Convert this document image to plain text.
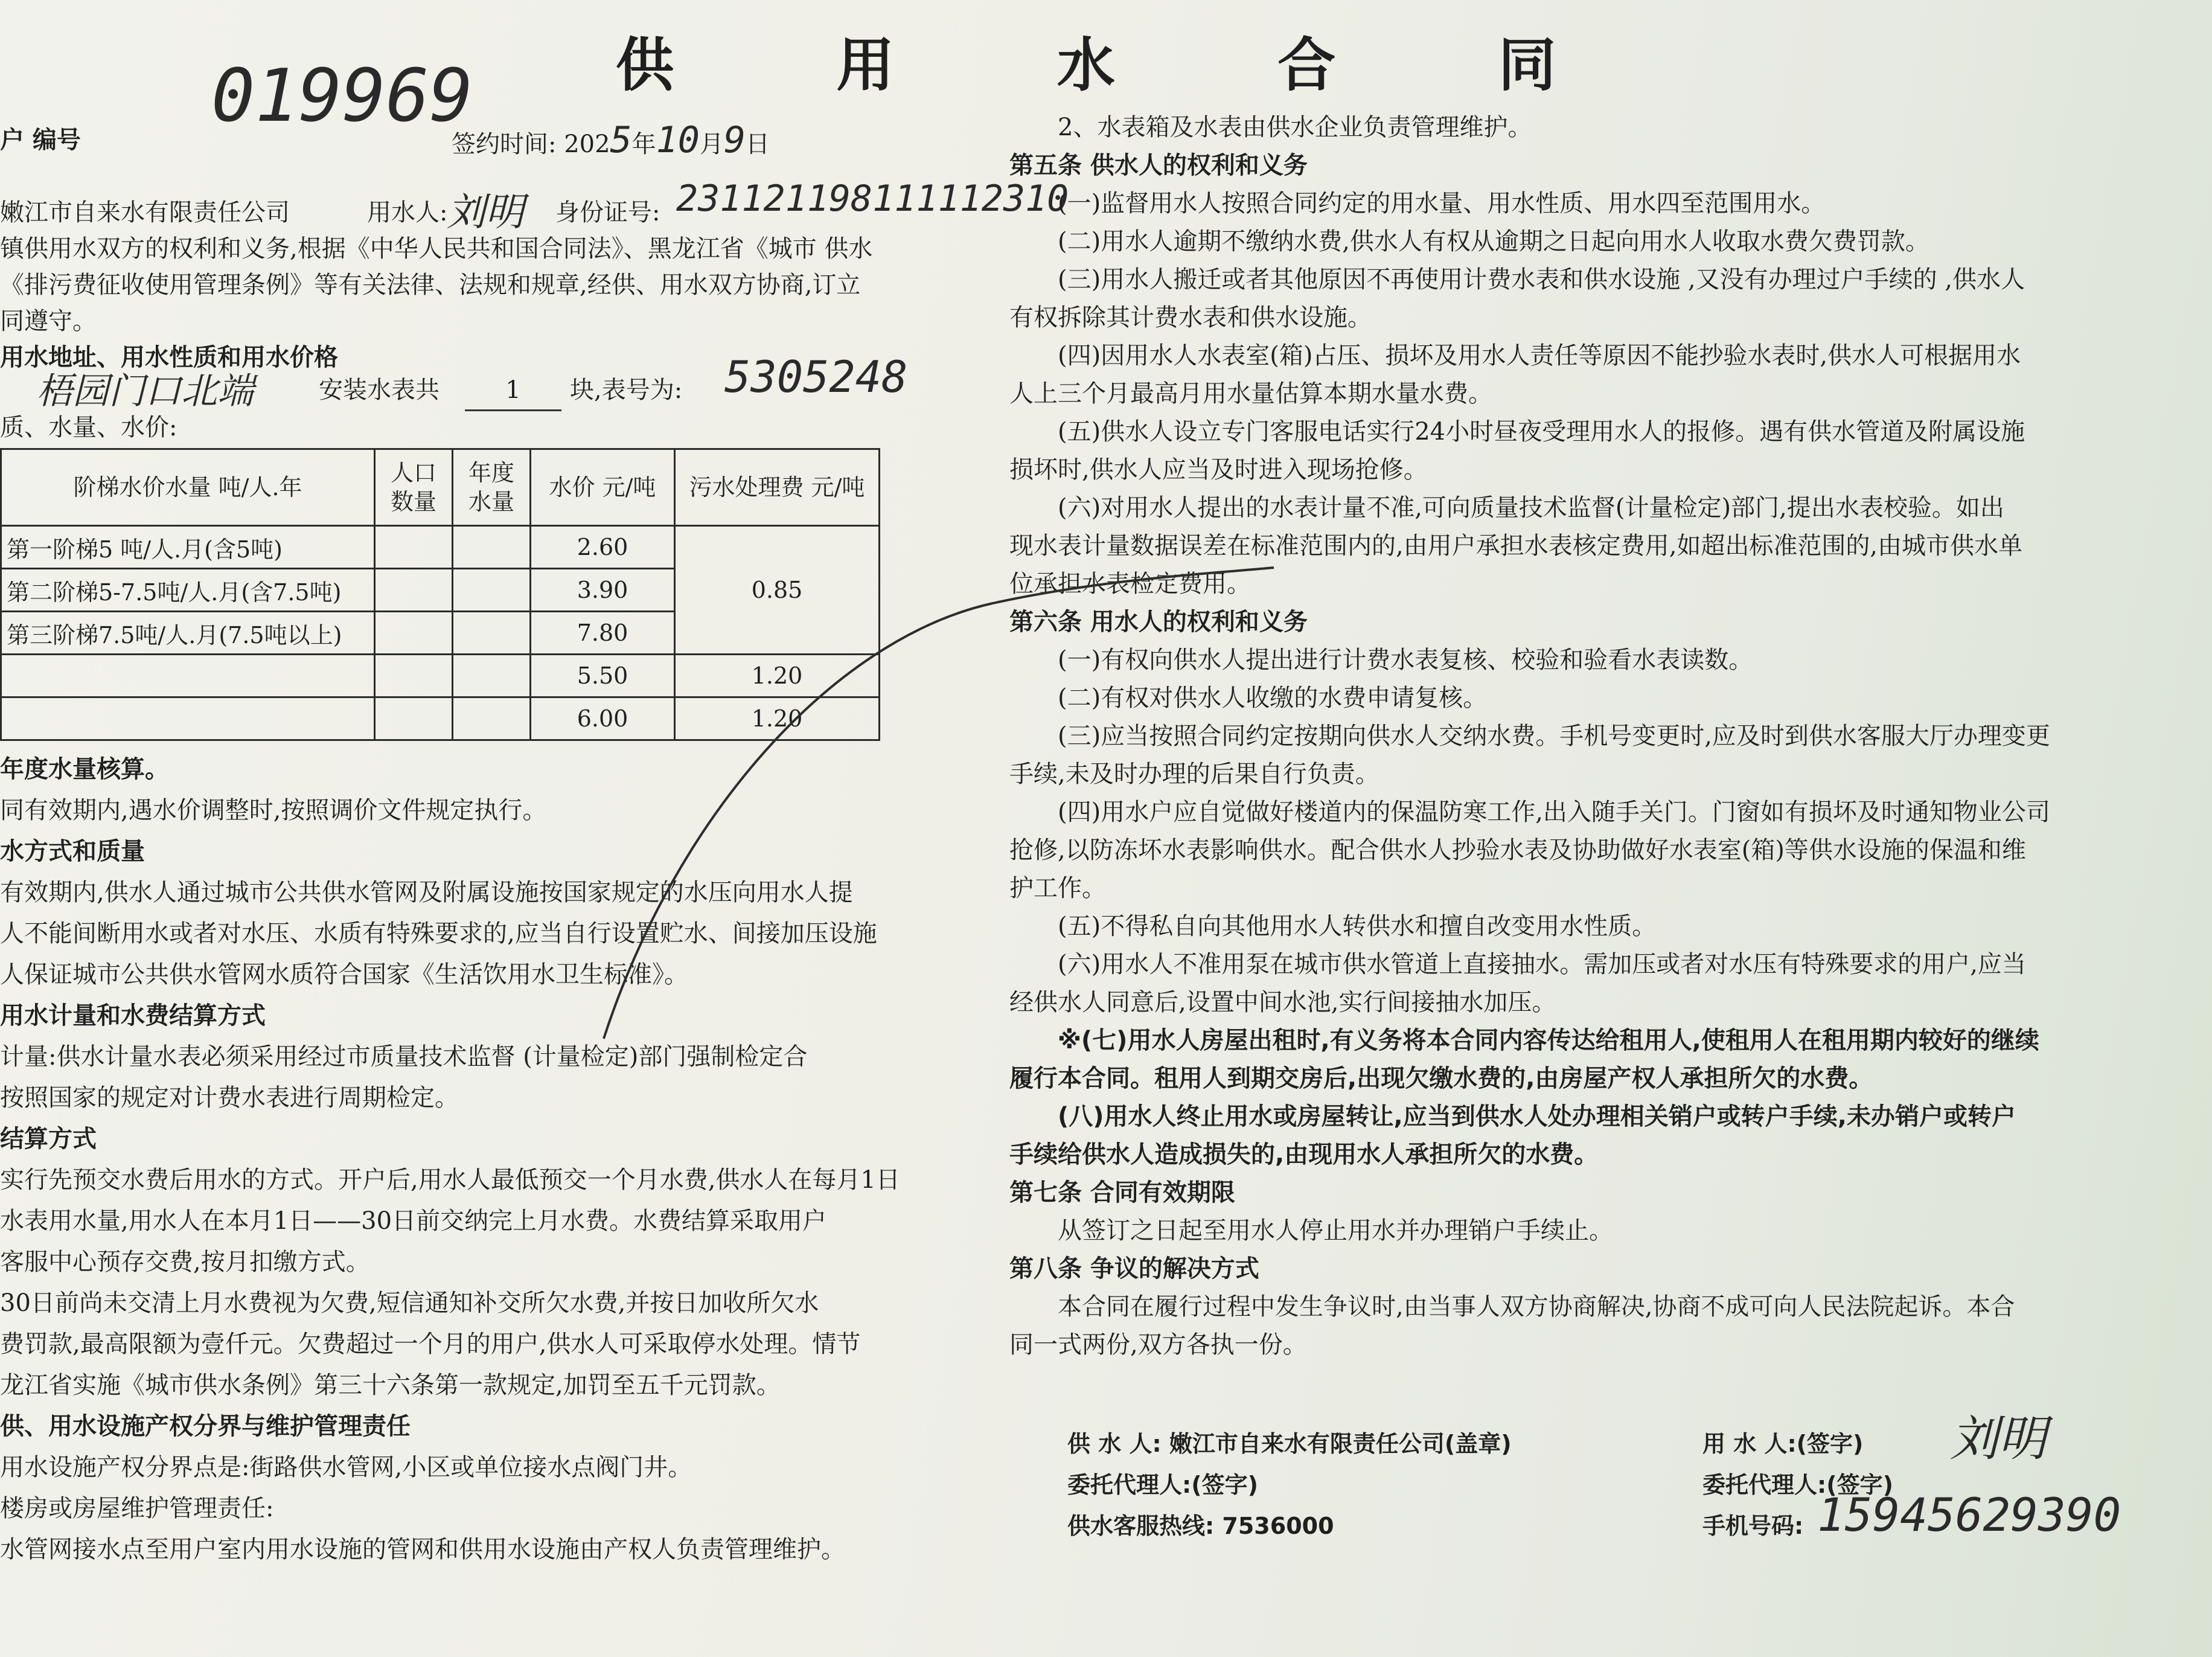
供 用 水 合 同
019969
户 编号	签约时间: 2025年10月9日
嫩江市自来水有限责任公司	用水人:
刘明 身份证号: 231121198111112310
镇供用水双方的权利和义务,根据《中华人民共和国合同法》、黑龙江省《城市 供水
《排污费征收使用管理条例》等有关法律、法规和规章,经供、用水双方协商,订立
同遵守。
用水地址、用水性质和用水价格
梧园门口北端	安装水表共	1	块,表号为: 5305248
质、水量、水价:
阶梯水价水量 吨/人.年	人口数量	年度水量	水价 元/吨	污水处理费 元/吨
第一阶梯5 吨/人.月(含5吨)			2.60	0.85
第二阶梯5-7.5吨/人.月(含7.5吨)			3.90	
第三阶梯7.5吨/人.月(7.5吨以上)			7.80	
			5.50	1.20
			6.00	1.20
年度水量核算。
同有效期内,遇水价调整时,按照调价文件规定执行。
水方式和质量
有效期内,供水人通过城市公共供水管网及附属设施按国家规定的水压向用水人提
人不能间断用水或者对水压、水质有特殊要求的,应当自行设置贮水、间接加压设施
人保证城市公共供水管网水质符合国家《生活饮用水卫生标准》。
用水计量和水费结算方式
计量:供水计量水表必须采用经过市质量技术监督 (计量检定)部门强制检定合
按照国家的规定对计费水表进行周期检定。
结算方式
实行先预交水费后用水的方式。开户后,用水人最低预交一个月水费,供水人在每月1日
水表用水量,用水人在本月1日——30日前交纳完上月水费。水费结算采取用户
客服中心预存交费,按月扣缴方式。
30日前尚未交清上月水费视为欠费,短信通知补交所欠水费,并按日加收所欠水
费罚款,最高限额为壹仟元。欠费超过一个月的用户,供水人可采取停水处理。情节
龙江省实施《城市供水条例》第三十六条第一款规定,加罚至五千元罚款。
供、用水设施产权分界与维护管理责任
用水设施产权分界点是:街路供水管网,小区或单位接水点阀门井。
楼房或房屋维护管理责任:
水管网接水点至用户室内用水设施的管网和供用水设施由产权人负责管理维护。
2、水表箱及水表由供水企业负责管理维护。
第五条 供水人的权利和义务
(一)监督用水人按照合同约定的用水量、用水性质、用水四至范围用水。
(二)用水人逾期不缴纳水费,供水人有权从逾期之日起向用水人收取水费欠费罚款。
(三)用水人搬迁或者其他原因不再使用计费水表和供水设施 ,又没有办理过户手续的 ,供水人
有权拆除其计费水表和供水设施。
(四)因用水人水表室(箱)占压、损坏及用水人责任等原因不能抄验水表时,供水人可根据用水
人上三个月最高月用水量估算本期水量水费。
(五)供水人设立专门客服电话实行24小时昼夜受理用水人的报修。遇有供水管道及附属设施
损坏时,供水人应当及时进入现场抢修。
(六)对用水人提出的水表计量不准,可向质量技术监督(计量检定)部门,提出水表校验。如出
现水表计量数据误差在标准范围内的,由用户承担水表核定费用,如超出标准范围的,由城市供水单
位承担水表检定费用。
第六条 用水人的权利和义务
(一)有权向供水人提出进行计费水表复核、校验和验看水表读数。
(二)有权对供水人收缴的水费申请复核。
(三)应当按照合同约定按期向供水人交纳水费。手机号变更时,应及时到供水客服大厅办理变更
手续,未及时办理的后果自行负责。
(四)用水户应自觉做好楼道内的保温防寒工作,出入随手关门。门窗如有损坏及时通知物业公司
抢修,以防冻坏水表影响供水。配合供水人抄验水表及协助做好水表室(箱)等供水设施的保温和维
护工作。
(五)不得私自向其他用水人转供水和擅自改变用水性质。
(六)用水人不准用泵在城市供水管道上直接抽水。需加压或者对水压有特殊要求的用户,应当
经供水人同意后,设置中间水池,实行间接抽水加压。
※(七)用水人房屋出租时,有义务将本合同内容传达给租用人,使租用人在租用期内较好的继续
履行本合同。租用人到期交房后,出现欠缴水费的,由房屋产权人承担所欠的水费。
(八)用水人终止用水或房屋转让,应当到供水人处办理相关销户或转户手续,未办销户或转户
手续给供水人造成损失的,由现用水人承担所欠的水费。
第七条 合同有效期限
从签订之日起至用水人停止用水并办理销户手续止。
第八条 争议的解决方式
本合同在履行过程中发生争议时,由当事人双方协商解决,协商不成可向人民法院起诉。本合
同一式两份,双方各执一份。
供 水 人: 嫩江市自来水有限责任公司(盖章)
委托代理人:(签字)
供水客服热线: 7536000
用 水 人:(签字) 刘明
委托代理人:(签字)
手机号码: 15945629390
